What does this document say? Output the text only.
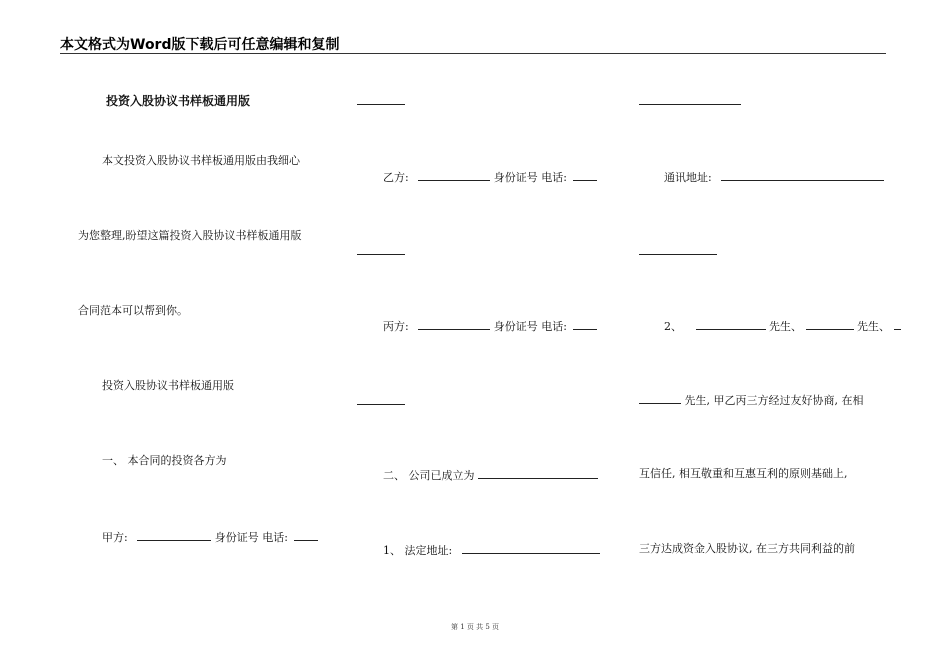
本文格式为Word版下载后可任意编辑和复制
投资入股协议书样板通用版
本文投资入股协议书样板通用版由我细心
为您整理,盼望这篇投资入股协议书样板通用版
合同范本可以帮到你。
投资入股协议书样板通用版
一、 本合同的投资各方为
甲方:	身份证号 电话:
乙方:	身份证号 电话:
丙方:	身份证号 电话:
二、 公司已成立为
1、 法定地址:
通讯地址:
2、	先生、	先生、
先生, 甲乙丙三方经过友好协商, 在相
互信任, 相互敬重和互惠互利的原则基础上,
三方达成资金入股协议, 在三方共同利益的前
第 1 页 共 5 页
